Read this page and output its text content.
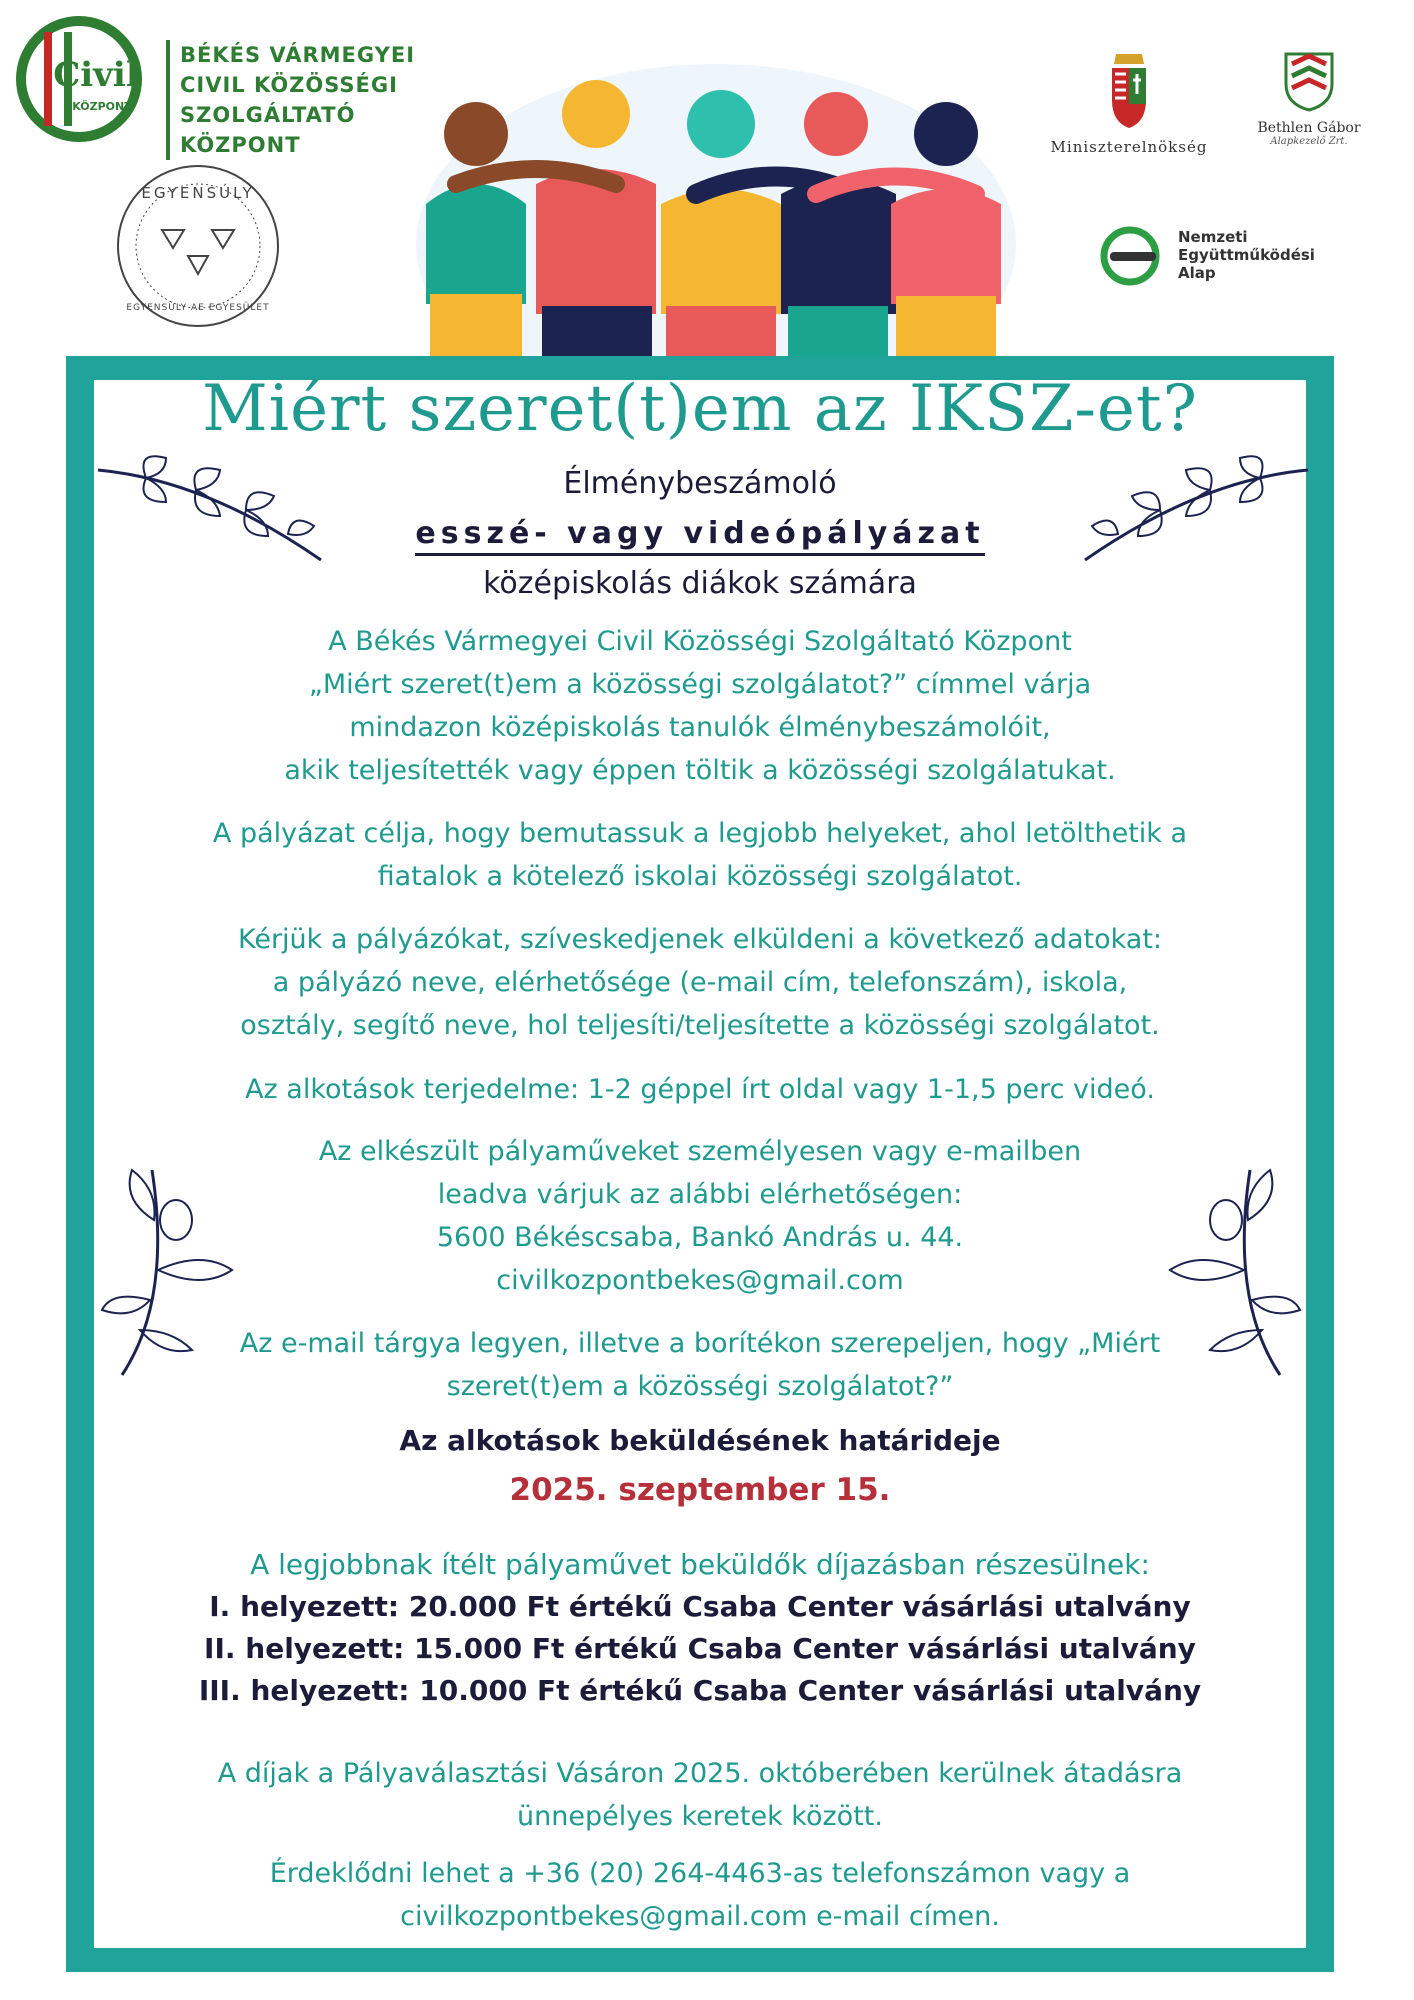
Civil
KÖZPONT
BÉKÉS VÁRMEGYEI
CIVIL KÖZÖSSÉGI
SZOLGÁLTATÓ KÖZPONT
EGYENSÚLY
EGYENSÚLY AE EGYESÜLET
Miniszterelnökség
Bethlen Gábor
Alapkezelő Zrt.
Nemzeti
Együttműködési
Alap
Miért szeret(t)em az IKSZ-et?
Élménybeszámoló
esszé- vagy videópályázat
középiskolás diákok számára
A Békés Vármegyei Civil Közösségi Szolgáltató Központ
„Miért szeret(t)em a közösségi szolgálatot?” címmel várja
mindazon középiskolás tanulók élménybeszámolóit,
akik teljesítették vagy éppen töltik a közösségi szolgálatukat.
A pályázat célja, hogy bemutassuk a legjobb helyeket, ahol letölthetik a
fiatalok a kötelező iskolai közösségi szolgálatot.
Kérjük a pályázókat, szíveskedjenek elküldeni a következő adatokat:
a pályázó neve, elérhetősége (e-mail cím, telefonszám), iskola,
osztály, segítő neve, hol teljesíti/teljesítette a közösségi szolgálatot.
Az alkotások terjedelme: 1-2 géppel írt oldal vagy 1-1,5 perc videó.
Az elkészült pályaműveket személyesen vagy e-mailben
leadva várjuk az alábbi elérhetőségen:
5600 Békéscsaba, Bankó András u. 44.
civilkozpontbekes@gmail.com
Az e-mail tárgya legyen, illetve a borítékon szerepeljen, hogy „Miért
szeret(t)em a közösségi szolgálatot?”
Az alkotások beküldésének határideje
2025. szeptember 15.
A legjobbnak ítélt pályaművet beküldők díjazásban részesülnek:
I. helyezett: 20.000 Ft értékű Csaba Center vásárlási utalvány
II. helyezett: 15.000 Ft értékű Csaba Center vásárlási utalvány
III. helyezett: 10.000 Ft értékű Csaba Center vásárlási utalvány
A díjak a Pályaválasztási Vásáron 2025. októberében kerülnek átadásra
ünnepélyes keretek között.
Érdeklődni lehet a +36 (20) 264-4463-as telefonszámon vagy a
civilkozpontbekes@gmail.com e-mail címen.
